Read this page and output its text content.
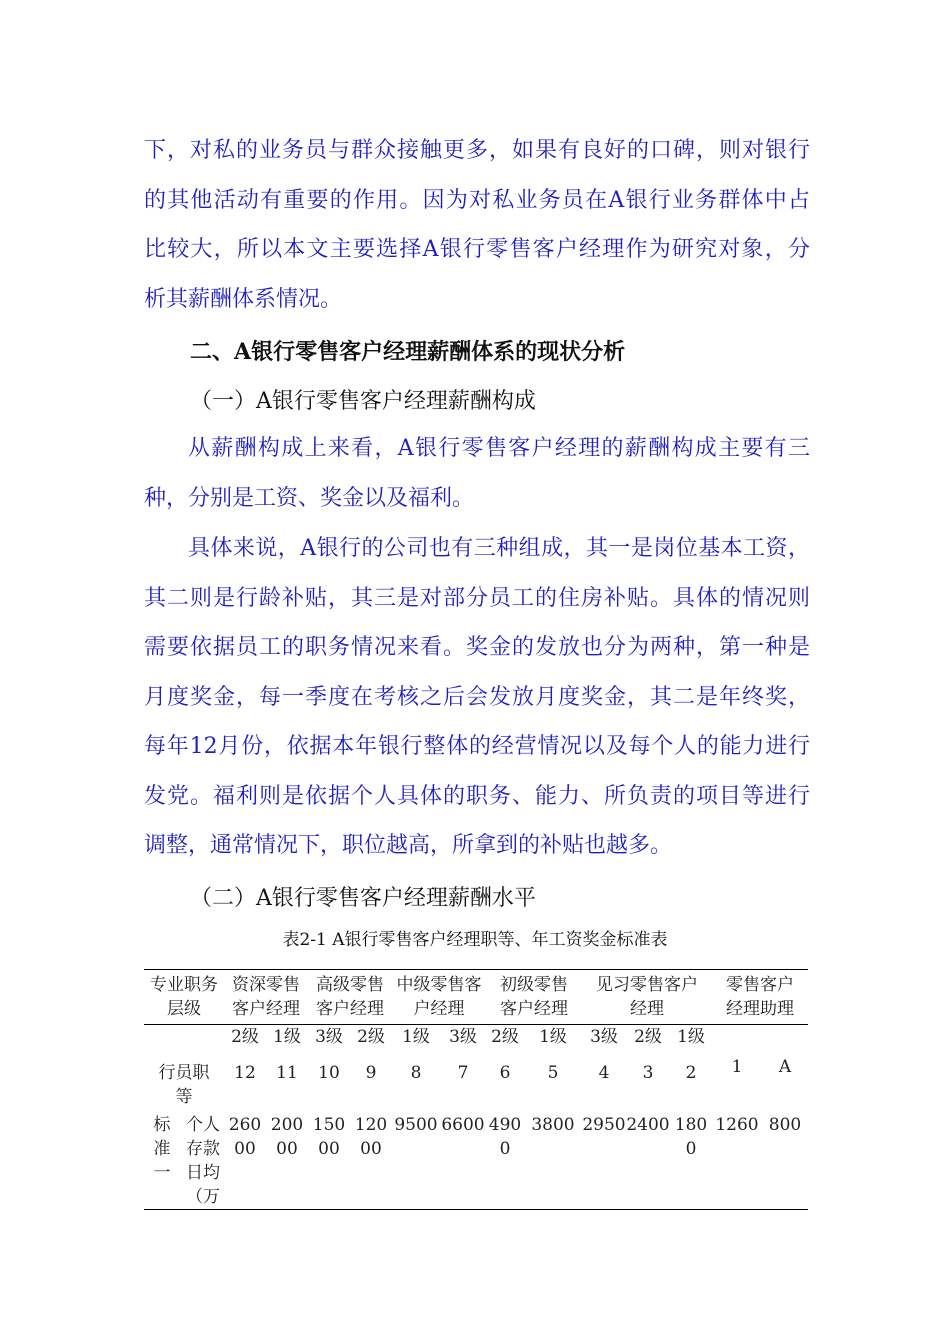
下，对私的业务员与群众接触更多，如果有良好的口碑，则对银行
的其他活动有重要的作用。因为对私业务员在A银行业务群体中占
比较大，所以本文主要选择A银行零售客户经理作为研究对象，分
析其薪酬体系情况。

二、A银行零售客户经理薪酬体系的现状分析

（一）A银行零售客户经理薪酬构成

从薪酬构成上来看，A银行零售客户经理的薪酬构成主要有三
种，分别是工资、奖金以及福利。
具体来说，A银行的公司也有三种组成，其一是岗位基本工资，
其二则是行龄补贴，其三是对部分员工的住房补贴。具体的情况则
需要依据员工的职务情况来看。奖金的发放也分为两种，第一种是
月度奖金，每一季度在考核之后会发放月度奖金，其二是年终奖，
每年12月份，依据本年银行整体的经营情况以及每个人的能力进行
发党。福利则是依据个人具体的职务、能力、所负责的项目等进行
调整，通常情况下，职位越高，所拿到的补贴也越多。

（二）A银行零售客户经理薪酬水平

表2-1 A银行零售客户经理职等、年工资奖金标准表

专业职务层级		资深零售客户经理		高级零售客户经理		中级零售客户经理		初级零售客户经理		见习零售客户经理			零售客户经理助理	
		2级	1级	3级	2级	1级	3级	2级	1级	3级	2级	1级	1	A
行员职等		12	11	10	9	8	7	6	5	4	3	2		
标准一	个人存款日均（万	26000	20000	15000	12000	9500	6600	4900	3800	2950	2400	1800	1260	800
